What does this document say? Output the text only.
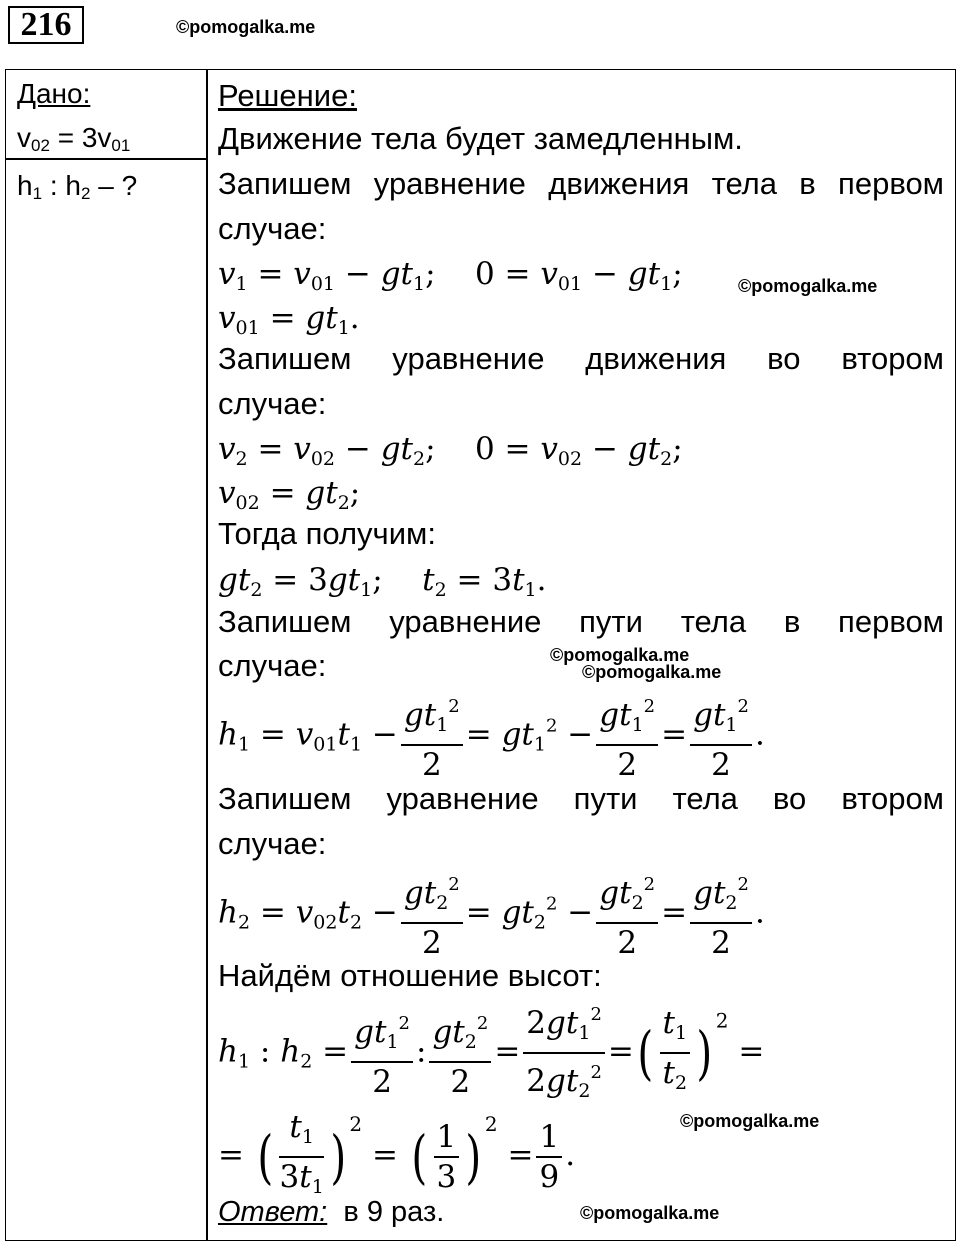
216	©pomogalka.me
Дано:
$v_{02} = 3v_{01}$
$h_1$ : $h_2$ – ?
Решение:
Движение тела будет замедленным.
Запишем уравнение движения тела в первом
случае:
$v_1 = v_{01} - gt_1$; $0 = v_{01} - gt_1$;	©pomogalka.me
$v_{01} = gt_1$.
Запишем уравнение движения во втором
случае:
$v_2 = v_{02} - gt_2$; $0 = v_{02} - gt_2$;
$v_{02} = gt_2$;
Тогда получим:
$gt_2 = 3gt_1$;    $t_2 = 3t_1$.
Запишем уравнение пути тела в первом
случае:	©pomogalka.me
©pomogalka.me
$h_1 = v_{01}t_1 - \frac{gt_1^2}{2} = gt_1^2 - \frac{gt_1^2}{2} = \frac{gt_1^2}{2}$ .
Запишем уравнение пути тела во втором
случае:
$h_2 = v_{02}t_2 - \frac{gt_2^2}{2} = gt_2^2 - \frac{gt_2^2}{2} = \frac{gt_2^2}{2}$ .
Найдём отношение высот:
$h_1$ : $h_2 = \frac{gt_1^2}{2}$ : $\frac{gt_2^2}{2} = \frac{2gt_1^2}{2gt_2^2}$ =( $\frac{t_1}{t_2}$ ) $^2$ =
= ( $\frac{t_1}{3t_1}$ ) $^2$ = ( $\frac{1}{3}$ ) $^2 = \frac{1}{9}$ .
©pomogalka.me
Ответ: в 9 раз.	©pomogalka.me
